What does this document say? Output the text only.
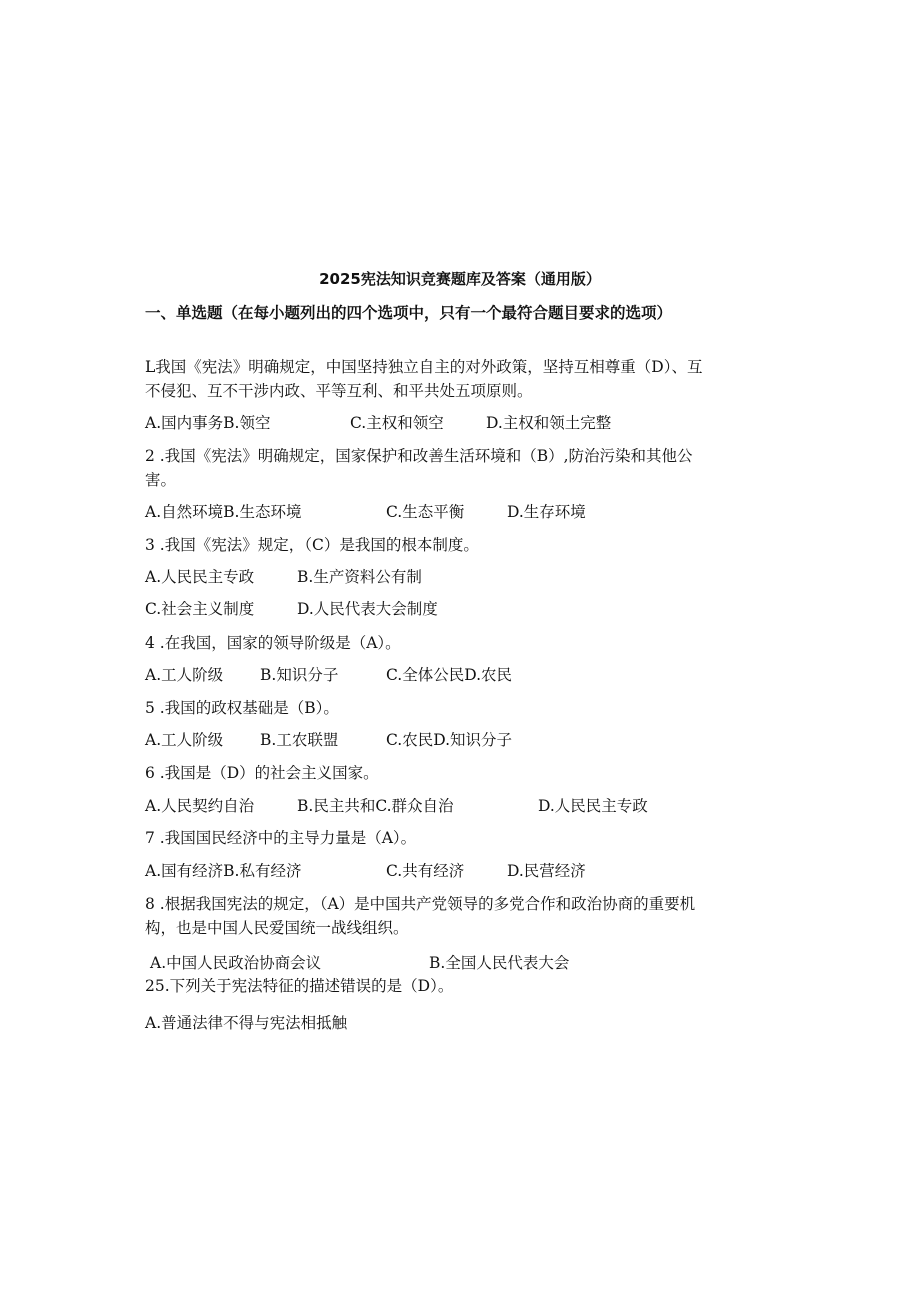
2025宪法知识竞赛题库及答案（通用版）
一、单选题（在每小题列出的四个选项中，只有一个最符合题目要求的选项）
L我国《宪法》明确规定，中国坚持独立自主的对外政策，坚持互相尊重（D）、互不侵犯、互不干涉内政、平等互利、和平共处五项原则。
A.国内事务B.领空	C.主权和领空	D.主权和领土完整
2 .我国《宪法》明确规定，国家保护和改善生活环境和（B）,防治污染和其他公害。
A.自然环境B.生态环境	C.生态平衡	D.生存环境
3 .我国《宪法》规定，（C）是我国的根本制度。
A.人民民主专政	B.生产资料公有制
C.社会主义制度	D.人民代表大会制度
4 .在我国，国家的领导阶级是（A）。
A.工人阶级 B.知识分子	C.全体公民D.农民
5 .我国的政权基础是（B）。
A.工人阶级 B.工农联盟	C.农民D.知识分子
6 .我国是（D）的社会主义国家。
A.人民契约自治	B.民主共和C.群众自治	D.人民民主专政
7 .我国国民经济中的主导力量是（A）。
A.国有经济B.私有经济	C.共有经济	D.民营经济
8 .根据我国宪法的规定，（A）是中国共产党领导的多党合作和政治协商的重要机构，也是中国人民爱国统一战线组织。
A.中国人民政治协商会议	B.全国人民代表大会
25.下列关于宪法特征的描述错误的是（D）。
A.普通法律不得与宪法相抵触
